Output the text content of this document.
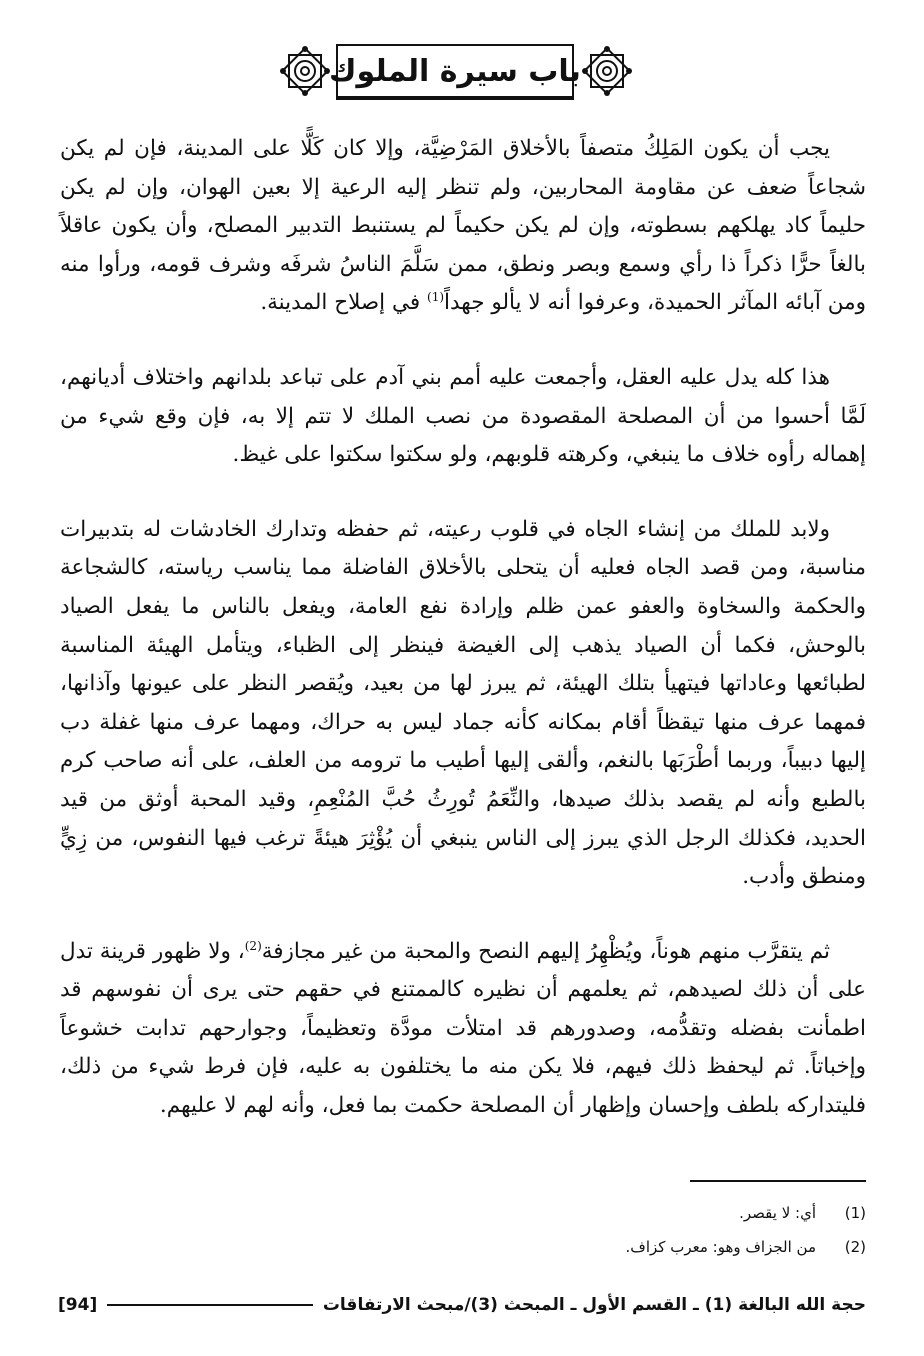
باب سيرة الملوك

يجب أن يكون المَلِكُ متصفاً بالأخلاق المَرْضِيَّة، وإلا كان كَلًّا على المدينة، فإن لم يكن شجاعاً ضعف عن مقاومة المحاربين، ولم تنظر إليه الرعية إلا بعين الهوان، وإن لم يكن حليماً كاد يهلكهم بسطوته، وإن لم يكن حكيماً لم يستنبط التدبير المصلح، وأن يكون عاقلاً بالغاً حرًّا ذكراً ذا رأي وسمع وبصر ونطق، ممن سَلَّمَ الناسُ شرفَه وشرف قومه، ورأوا منه ومن آبائه المآثر الحميدة، وعرفوا أنه لا يألو جهداً$^{(1)}$ في إصلاح المدينة.

هذا كله يدل عليه العقل، وأجمعت عليه أمم بني آدم على تباعد بلدانهم واختلاف أديانهم، لَمَّا أحسوا من أن المصلحة المقصودة من نصب الملك لا تتم إلا به، فإن وقع شيء من إهماله رأوه خلاف ما ينبغي، وكرهته قلوبهم، ولو سكتوا سكتوا على غيظ.

ولابد للملك من إنشاء الجاه في قلوب رعيته، ثم حفظه وتدارك الخادشات له بتدبيرات مناسبة، ومن قصد الجاه فعليه أن يتحلى بالأخلاق الفاضلة مما يناسب رياسته، كالشجاعة والحكمة والسخاوة والعفو عمن ظلم وإرادة نفع العامة، ويفعل بالناس ما يفعل الصياد بالوحش، فكما أن الصياد يذهب إلى الغيضة فينظر إلى الظباء، ويتأمل الهيئة المناسبة لطبائعها وعاداتها فيتهيأ بتلك الهيئة، ثم يبرز لها من بعيد، ويُقصر النظر على عيونها وآذانها، فمهما عرف منها تيقظاً أقام بمكانه كأنه جماد ليس به حراك، ومهما عرف منها غفلة دب إليها دبيباً، وربما أطْرَبَها بالنغم، وألقى إليها أطيب ما ترومه من العلف، على أنه صاحب كرم بالطبع وأنه لم يقصد بذلك صيدها، والنِّعَمُ تُورِثُ حُبَّ المُنْعِمِ، وقيد المحبة أوثق من قيد الحديد، فكذلك الرجل الذي يبرز إلى الناس ينبغي أن يُؤْثِرَ هيئةً ترغب فيها النفوس، من زِيٍّ ومنطق وأدب.

ثم يتقرَّب منهم هوناً، ويُظْهِرُ إليهم النصح والمحبة من غير مجازفة$^{(2)}$، ولا ظهور قرينة تدل على أن ذلك لصيدهم، ثم يعلمهم أن نظيره كالممتنع في حقهم حتى يرى أن نفوسهم قد اطمأنت بفضله وتقدُّمه، وصدورهم قد امتلأت مودَّة وتعظيماً، وجوارحهم تدابت خشوعاً وإخباتاً. ثم ليحفظ ذلك فيهم، فلا يكن منه ما يختلفون به عليه، فإن فرط شيء من ذلك، فليتداركه بلطف وإحسان وإظهار أن المصلحة حكمت بما فعل، وأنه لهم لا عليهم.

(1)
أي: لا يقصر.
(2)
من الجزاف وهو: معرب كزاف.
حجة الله البالغة (1) ـ القسم الأول ـ المبحث (3)/مبحث الارتفاقات
[94]
